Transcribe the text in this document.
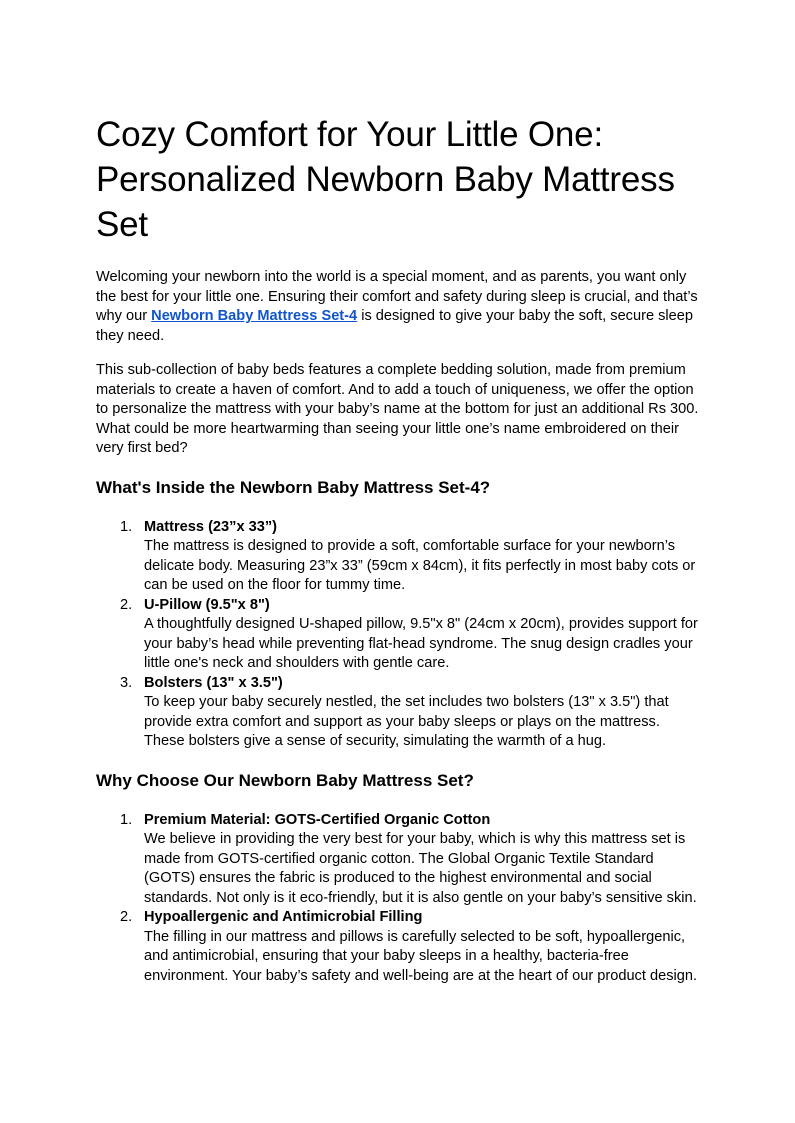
Cozy Comfort for Your Little One: Personalized Newborn Baby Mattress Set

Welcoming your newborn into the world is a special moment, and as parents, you want only the best for your little one. Ensuring their comfort and safety during sleep is crucial, and that’s why our Newborn Baby Mattress Set-4 is designed to give your baby the soft, secure sleep they need.

This sub-collection of baby beds features a complete bedding solution, made from premium materials to create a haven of comfort. And to add a touch of uniqueness, we offer the option to personalize the mattress with your baby’s name at the bottom for just an additional Rs 300. What could be more heartwarming than seeing your little one’s name embroidered on their very first bed?

What's Inside the Newborn Baby Mattress Set-4?
1. Mattress (23”x 33”)
The mattress is designed to provide a soft, comfortable surface for your newborn’s delicate body. Measuring 23”x 33” (59cm x 84cm), it fits perfectly in most baby cots or can be used on the floor for tummy time.
2. U-Pillow (9.5"x 8")
A thoughtfully designed U-shaped pillow, 9.5"x 8" (24cm x 20cm), provides support for your baby’s head while preventing flat-head syndrome. The snug design cradles your little one's neck and shoulders with gentle care.
3. Bolsters (13" x 3.5")
To keep your baby securely nestled, the set includes two bolsters (13" x 3.5") that provide extra comfort and support as your baby sleeps or plays on the mattress. These bolsters give a sense of security, simulating the warmth of a hug.
Why Choose Our Newborn Baby Mattress Set?
1. Premium Material: GOTS-Certified Organic Cotton
We believe in providing the very best for your baby, which is why this mattress set is made from GOTS-certified organic cotton. The Global Organic Textile Standard (GOTS) ensures the fabric is produced to the highest environmental and social standards. Not only is it eco-friendly, but it is also gentle on your baby’s sensitive skin.
2. Hypoallergenic and Antimicrobial Filling
The filling in our mattress and pillows is carefully selected to be soft, hypoallergenic, and antimicrobial, ensuring that your baby sleeps in a healthy, bacteria-free environment. Your baby’s safety and well-being are at the heart of our product design.
